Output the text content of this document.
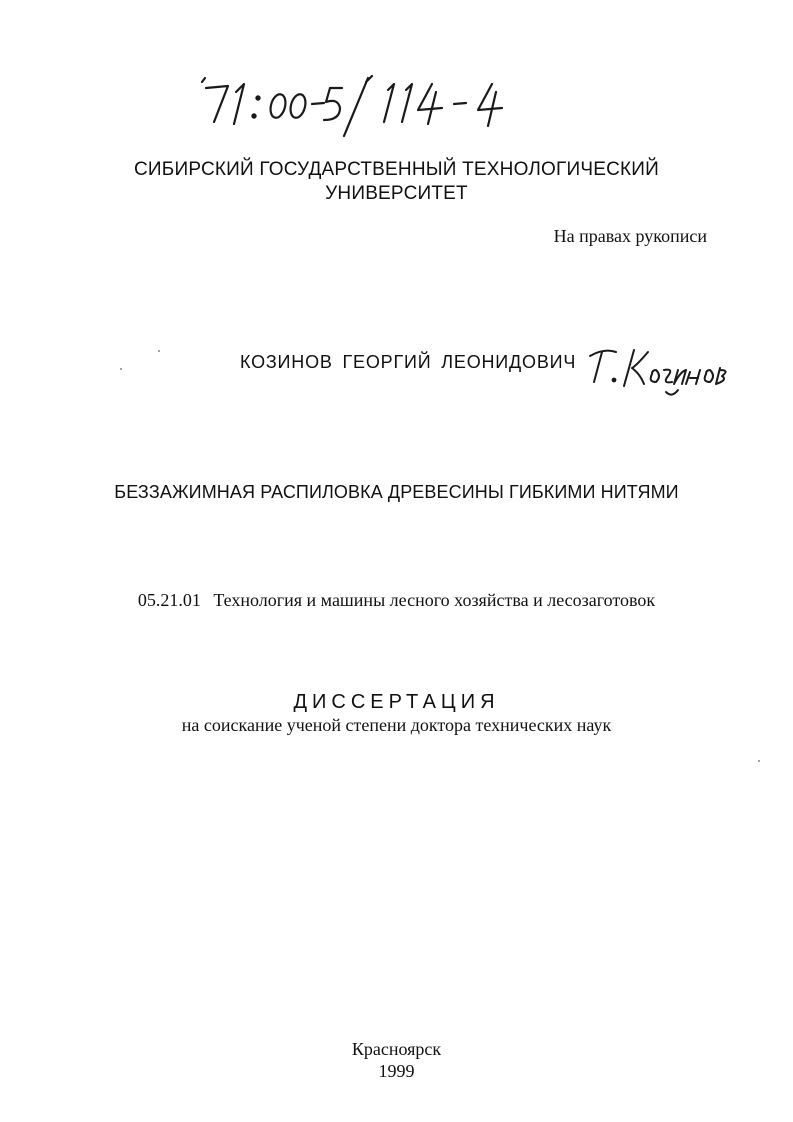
СИБИРСКИЙ ГОСУДАРСТВЕННЫЙ ТЕХНОЛОГИЧЕСКИЙ
УНИВЕРСИТЕТ
На правах рукописи
КОЗИНОВ ГЕОРГИЙ ЛЕОНИДОВИЧ
БЕЗЗАЖИМНАЯ РАСПИЛОВКА ДРЕВЕСИНЫ ГИБКИМИ НИТЯМИ
05.21.01 Технология и машины лесного хозяйства и лесозаготовок
ДИССЕРТАЦИЯ
на соискание ученой степени доктора технических наук
Красноярск
1999
